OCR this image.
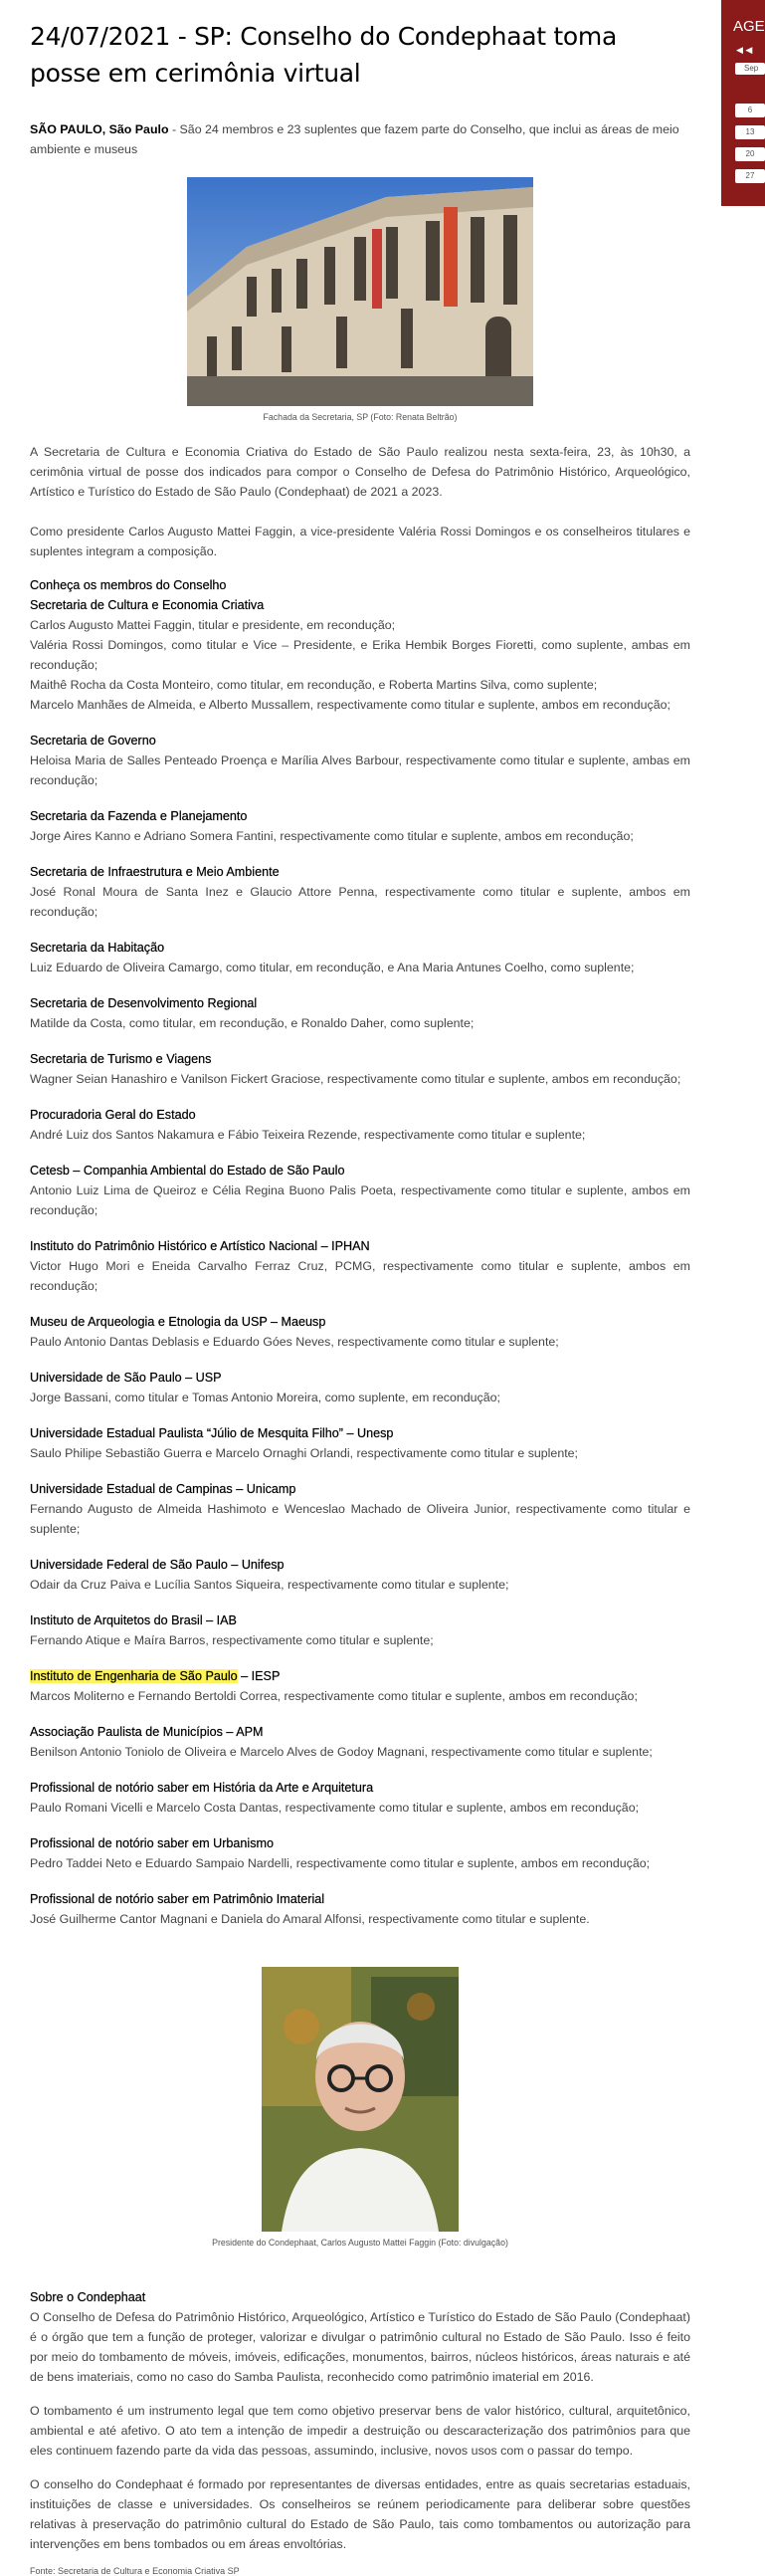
24/07/2021 - SP: Conselho do Condephaat toma posse em cerimônia virtual

SÃO PAULO, São Paulo - São 24 membros e 23 suplentes que fazem parte do Conselho, que inclui as áreas de meio ambiente e museus

Fachada da Secretaria, SP (Foto: Renata Beltrão)

A Secretaria de Cultura e Economia Criativa do Estado de São Paulo realizou nesta sexta-feira, 23, às 10h30, a cerimônia virtual de posse dos indicados para compor o Conselho de Defesa do Patrimônio Histórico, Arqueológico, Artístico e Turístico do Estado de São Paulo (Condephaat) de 2021 a 2023.

Como presidente Carlos Augusto Mattei Faggin, a vice-presidente Valéria Rossi Domingos e os conselheiros titulares e suplentes integram a composição.

Conheça os membros do Conselho

Secretaria de Cultura e Economia Criativa

Carlos Augusto Mattei Faggin, titular e presidente, em recondução;

Valéria Rossi Domingos, como titular e Vice – Presidente, e Erika Hembik Borges Fioretti, como suplente, ambas em recondução;

Maithê Rocha da Costa Monteiro, como titular, em recondução, e Roberta Martins Silva, como suplente;

Marcelo Manhães de Almeida, e Alberto Mussallem, respectivamente como titular e suplente, ambos em recondução;

Secretaria de Governo

Heloisa Maria de Salles Penteado Proença e Marília Alves Barbour, respectivamente como titular e suplente, ambas em recondução;

Secretaria da Fazenda e Planejamento

Jorge Aires Kanno e Adriano Somera Fantini, respectivamente como titular e suplente, ambos em recondução;

Secretaria de Infraestrutura e Meio Ambiente

José Ronal Moura de Santa Inez e Glaucio Attore Penna, respectivamente como titular e suplente, ambos em recondução;

Secretaria da Habitação

Luiz Eduardo de Oliveira Camargo, como titular, em recondução, e Ana Maria Antunes Coelho, como suplente;

Secretaria de Desenvolvimento Regional

Matilde da Costa, como titular, em recondução, e Ronaldo Daher, como suplente;

Secretaria de Turismo e Viagens

Wagner Seian Hanashiro e Vanilson Fickert Graciose, respectivamente como titular e suplente, ambos em recondução;

Procuradoria Geral do Estado

André Luiz dos Santos Nakamura e Fábio Teixeira Rezende, respectivamente como titular e suplente;

Cetesb – Companhia Ambiental do Estado de São Paulo

Antonio Luiz Lima de Queiroz e Célia Regina Buono Palis Poeta, respectivamente como titular e suplente, ambos em recondução;

Instituto do Patrimônio Histórico e Artístico Nacional – IPHAN

Victor Hugo Mori e Eneida Carvalho Ferraz Cruz, PCMG, respectivamente como titular e suplente, ambos em recondução;

Museu de Arqueologia e Etnologia da USP – Maeusp

Paulo Antonio Dantas Deblasis e Eduardo Góes Neves, respectivamente como titular e suplente;

Universidade de São Paulo – USP

Jorge Bassani, como titular e Tomas Antonio Moreira, como suplente, em recondução;

Universidade Estadual Paulista “Júlio de Mesquita Filho” – Unesp

Saulo Philipe Sebastião Guerra e Marcelo Ornaghi Orlandi, respectivamente como titular e suplente;

Universidade Estadual de Campinas – Unicamp

Fernando Augusto de Almeida Hashimoto e Wenceslao Machado de Oliveira Junior, respectivamente como titular e suplente;

Universidade Federal de São Paulo – Unifesp

Odair da Cruz Paiva e Lucília Santos Siqueira, respectivamente como titular e suplente;

Instituto de Arquitetos do Brasil – IAB

Fernando Atique e Maíra Barros, respectivamente como titular e suplente;

Instituto de Engenharia de São Paulo – IESP

Marcos Moliterno e Fernando Bertoldi Correa, respectivamente como titular e suplente, ambos em recondução;

Associação Paulista de Municípios – APM

Benilson Antonio Toniolo de Oliveira e Marcelo Alves de Godoy Magnani, respectivamente como titular e suplente;

Profissional de notório saber em História da Arte e Arquitetura

Paulo Romani Vicelli e Marcelo Costa Dantas, respectivamente como titular e suplente, ambos em recondução;

Profissional de notório saber em Urbanismo

Pedro Taddei Neto e Eduardo Sampaio Nardelli, respectivamente como titular e suplente, ambos em recondução;

Profissional de notório saber em Patrimônio Imaterial

José Guilherme Cantor Magnani e Daniela do Amaral Alfonsi, respectivamente como titular e suplente.

Presidente do Condephaat, Carlos Augusto Mattei Faggin (Foto: divulgação)

Sobre o Condephaat

O Conselho de Defesa do Patrimônio Histórico, Arqueológico, Artístico e Turístico do Estado de São Paulo (Condephaat) é o órgão que tem a função de proteger, valorizar e divulgar o patrimônio cultural no Estado de São Paulo. Isso é feito por meio do tombamento de móveis, imóveis, edificações, monumentos, bairros, núcleos históricos, áreas naturais e até de bens imateriais, como no caso do Samba Paulista, reconhecido como patrimônio imaterial em 2016.

O tombamento é um instrumento legal que tem como objetivo preservar bens de valor histórico, cultural, arquitetônico, ambiental e até afetivo. O ato tem a intenção de impedir a destruição ou descaracterização dos patrimônios para que eles continuem fazendo parte da vida das pessoas, assumindo, inclusive, novos usos com o passar do tempo.

O conselho do Condephaat é formado por representantes de diversas entidades, entre as quais secretarias estaduais, instituições de classe e universidades. Os conselheiros se reúnem periodicamente para deliberar sobre questões relativas à preservação do patrimônio cultural do Estado de São Paulo, tais como tombamentos ou autorização para intervenções em bens tombados ou em áreas envoltórias.

Fonte: Secretaria de Cultura e Economia Criativa SP

AGE
◀ ◀
Sep
6
13
20
27
